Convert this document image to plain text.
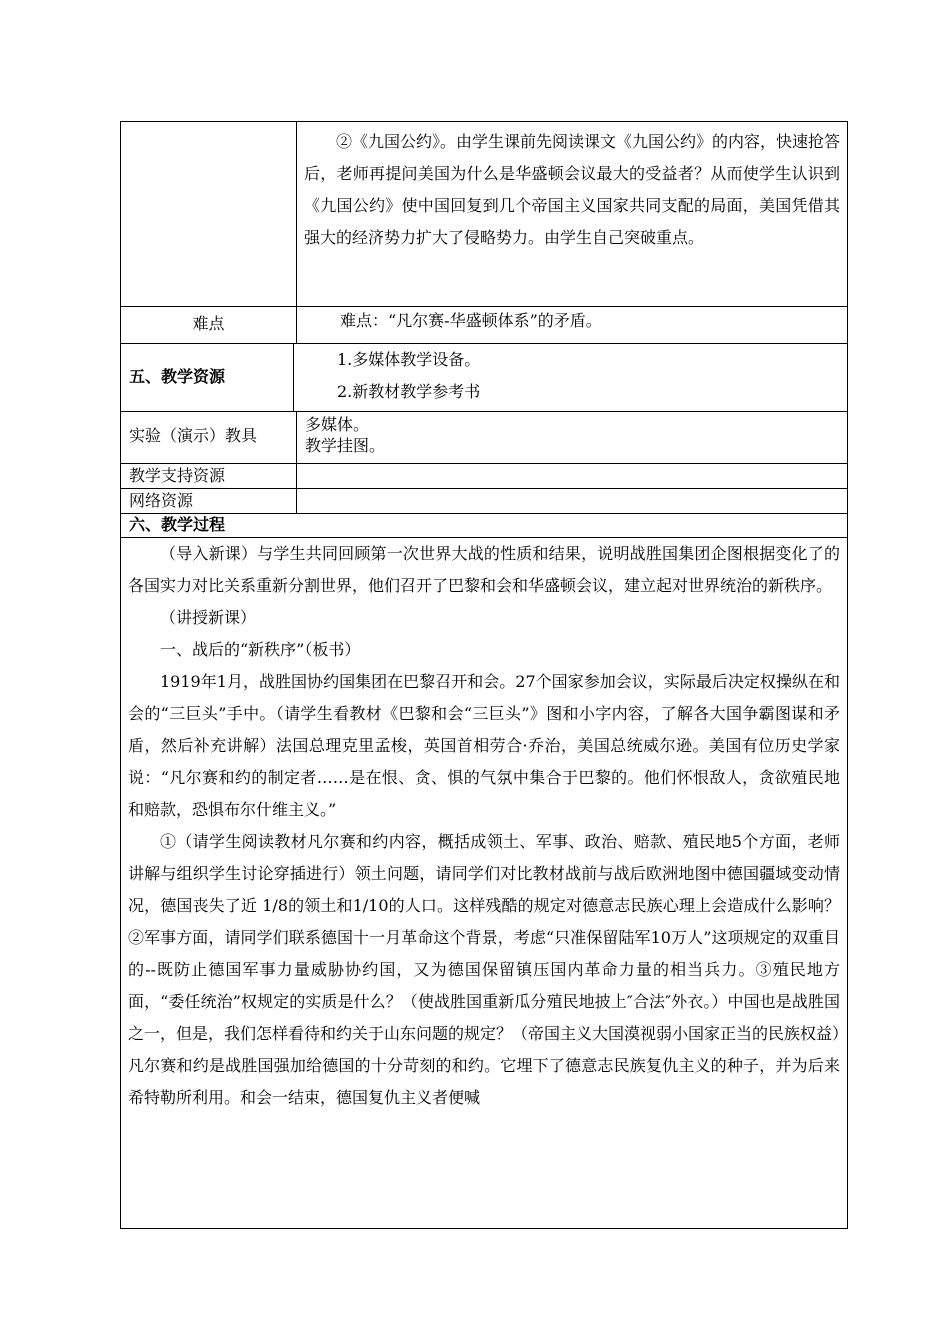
②《九国公约》。由学生课前先阅读课文《九国公约》的内容，快速抢答后，老师再提问美国为什么是华盛顿会议最大的受益者？从而使学生认识到《九国公约》使中国回复到几个帝国主义国家共同支配的局面，美国凭借其强大的经济势力扩大了侵略势力。由学生自己突破重点。

难点	难点：“凡尔赛-华盛顿体系”的矛盾。
五、教学资源
1.多媒体教学设备。
2.新教材教学参考书
实验（演示）教具
多媒体。
教学挂图。
教学支持资源
网络资源
六、教学过程

（导入新课）与学生共同回顾第一次世界大战的性质和结果，说明战胜国集团企图根据变化了的各国实力对比关系重新分割世界，他们召开了巴黎和会和华盛顿会议，建立起对世界统治的新秩序。

（讲授新课）

一、战后的“新秩序”（板书）

1919年1月，战胜国协约国集团在巴黎召开和会。27个国家参加会议，实际最后决定权操纵在和会的“三巨头”手中。（请学生看教材《巴黎和会“三巨头”》图和小字内容，了解各大国争霸图谋和矛盾，然后补充讲解）法国总理克里孟梭，英国首相劳合·乔治，美国总统威尔逊。美国有位历史学家说：“凡尔赛和约的制定者……是在恨、贪、惧的气氛中集合于巴黎的。他们怀恨敌人，贪欲殖民地和赔款，恐惧布尔什维主义。”

①（请学生阅读教材凡尔赛和约内容，概括成领土、军事、政治、赔款、殖民地5个方面，老师讲解与组织学生讨论穿插进行）领土问题，请同学们对比教材战前与战后欧洲地图中德国疆域变动情况，德国丧失了近 1/8的领土和1/10的人口。这样残酷的规定对德意志民族心理上会造成什么影响？②军事方面，请同学们联系德国十一月革命这个背景，考虑“只准保留陆军10万人”这项规定的双重目的--既防止德国军事力量威胁协约国，又为德国保留镇压国内革命力量的相当兵力。③殖民地方面，“委任统治”权规定的实质是什么？（使战胜国重新瓜分殖民地披上″合法″外衣。）中国也是战胜国之一，但是，我们怎样看待和约关于山东问题的规定？（帝国主义大国漠视弱小国家正当的民族权益）凡尔赛和约是战胜国强加给德国的十分苛刻的和约。它埋下了德意志民族复仇主义的种子，并为后来希特勒所利用。和会一结束，德国复仇主义者便喊
